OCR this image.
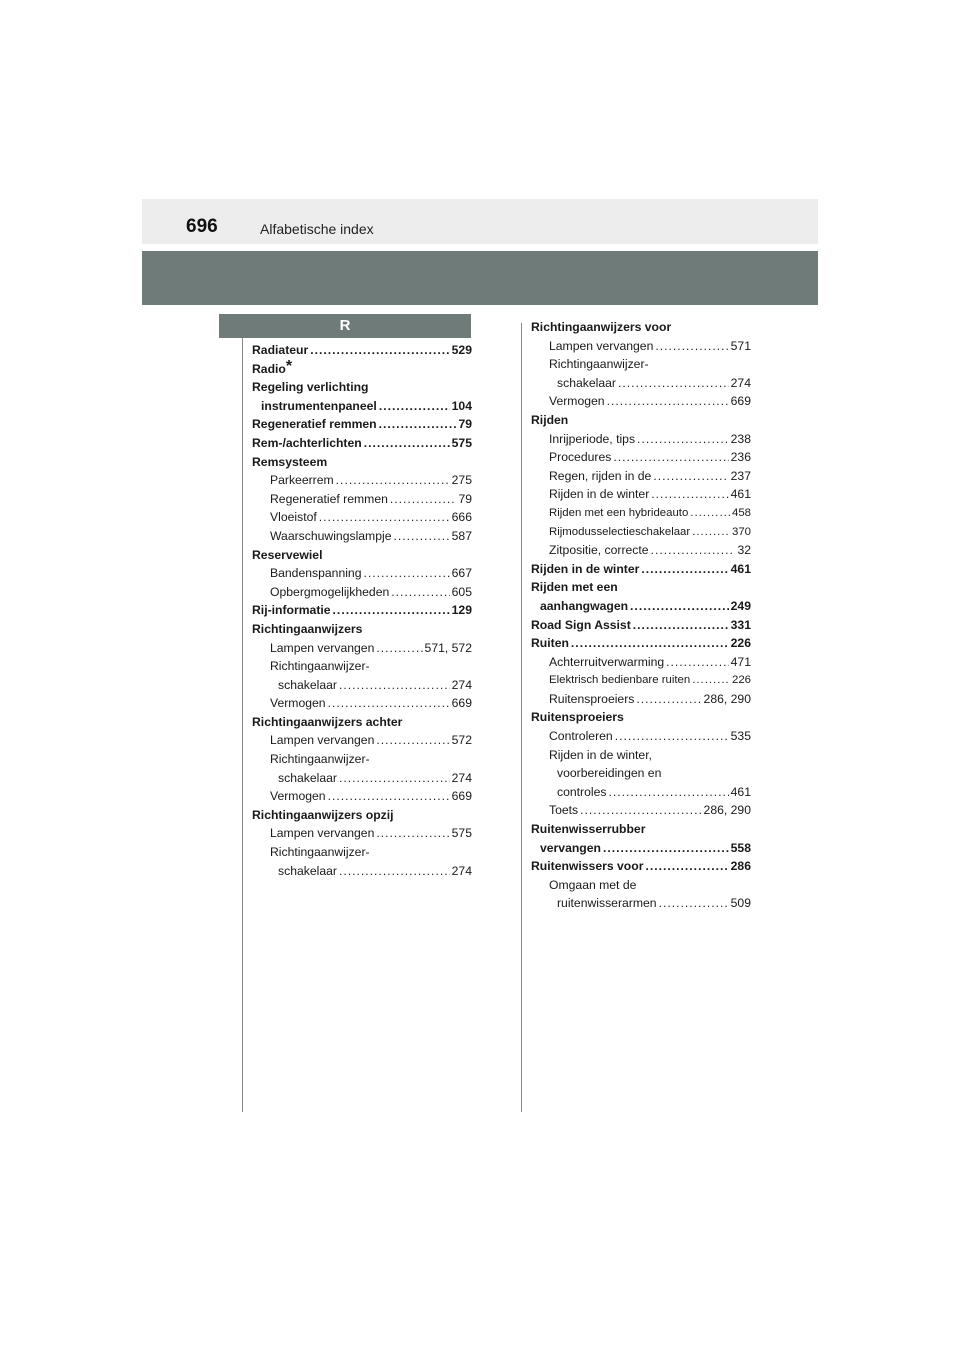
696	Alfabetische index
R
Radiateur .....	529
Radio*
Regeling verlichting
instrumentenpaneel .....	104
Regeneratief remmen .....	79
Rem-/achterlichten .....	575
Remsysteem
Parkeerrem .....	275
Regeneratief remmen .....	79
Vloeistof .....	666
Waarschuwingslampje .....	587
Reservewiel
Bandenspanning .....	667
Opbergmogelijkheden .....	605
Rij-informatie .....	129
Richtingaanwijzers
Lampen vervangen .....	571, 572
Richtingaanwijzer-
schakelaar .....	274
Vermogen .....	669
Richtingaanwijzers achter
Lampen vervangen .....	572
Richtingaanwijzer-
schakelaar .....	274
Vermogen .....	669
Richtingaanwijzers opzij
Lampen vervangen .....	575
Richtingaanwijzer-
schakelaar .....	274
Richtingaanwijzers voor
Lampen vervangen .....	571
Richtingaanwijzer-
schakelaar .....	274
Vermogen .....	669
Rijden
Inrijperiode, tips .....	238
Procedures .....	236
Regen, rijden in de .....	237
Rijden in de winter .....	461
Rijden met een hybrideauto .....	458
Rijmodusselectieschakelaar .....	370
Zitpositie, correcte .....	32
Rijden in de winter .....	461
Rijden met een
aanhangwagen .....	249
Road Sign Assist .....	331
Ruiten .....	226
Achterruitverwarming .....	471
Elektrisch bedienbare ruiten .....	226
Ruitensproeiers .....	286, 290
Ruitensproeiers
Controleren .....	535
Rijden in de winter,
voorbereidingen en
controles .....	461
Toets .....	286, 290
Ruitenwisserrubber
vervangen .....	558
Ruitenwissers voor .....	286
Omgaan met de
ruitenwisserarmen .....	509
